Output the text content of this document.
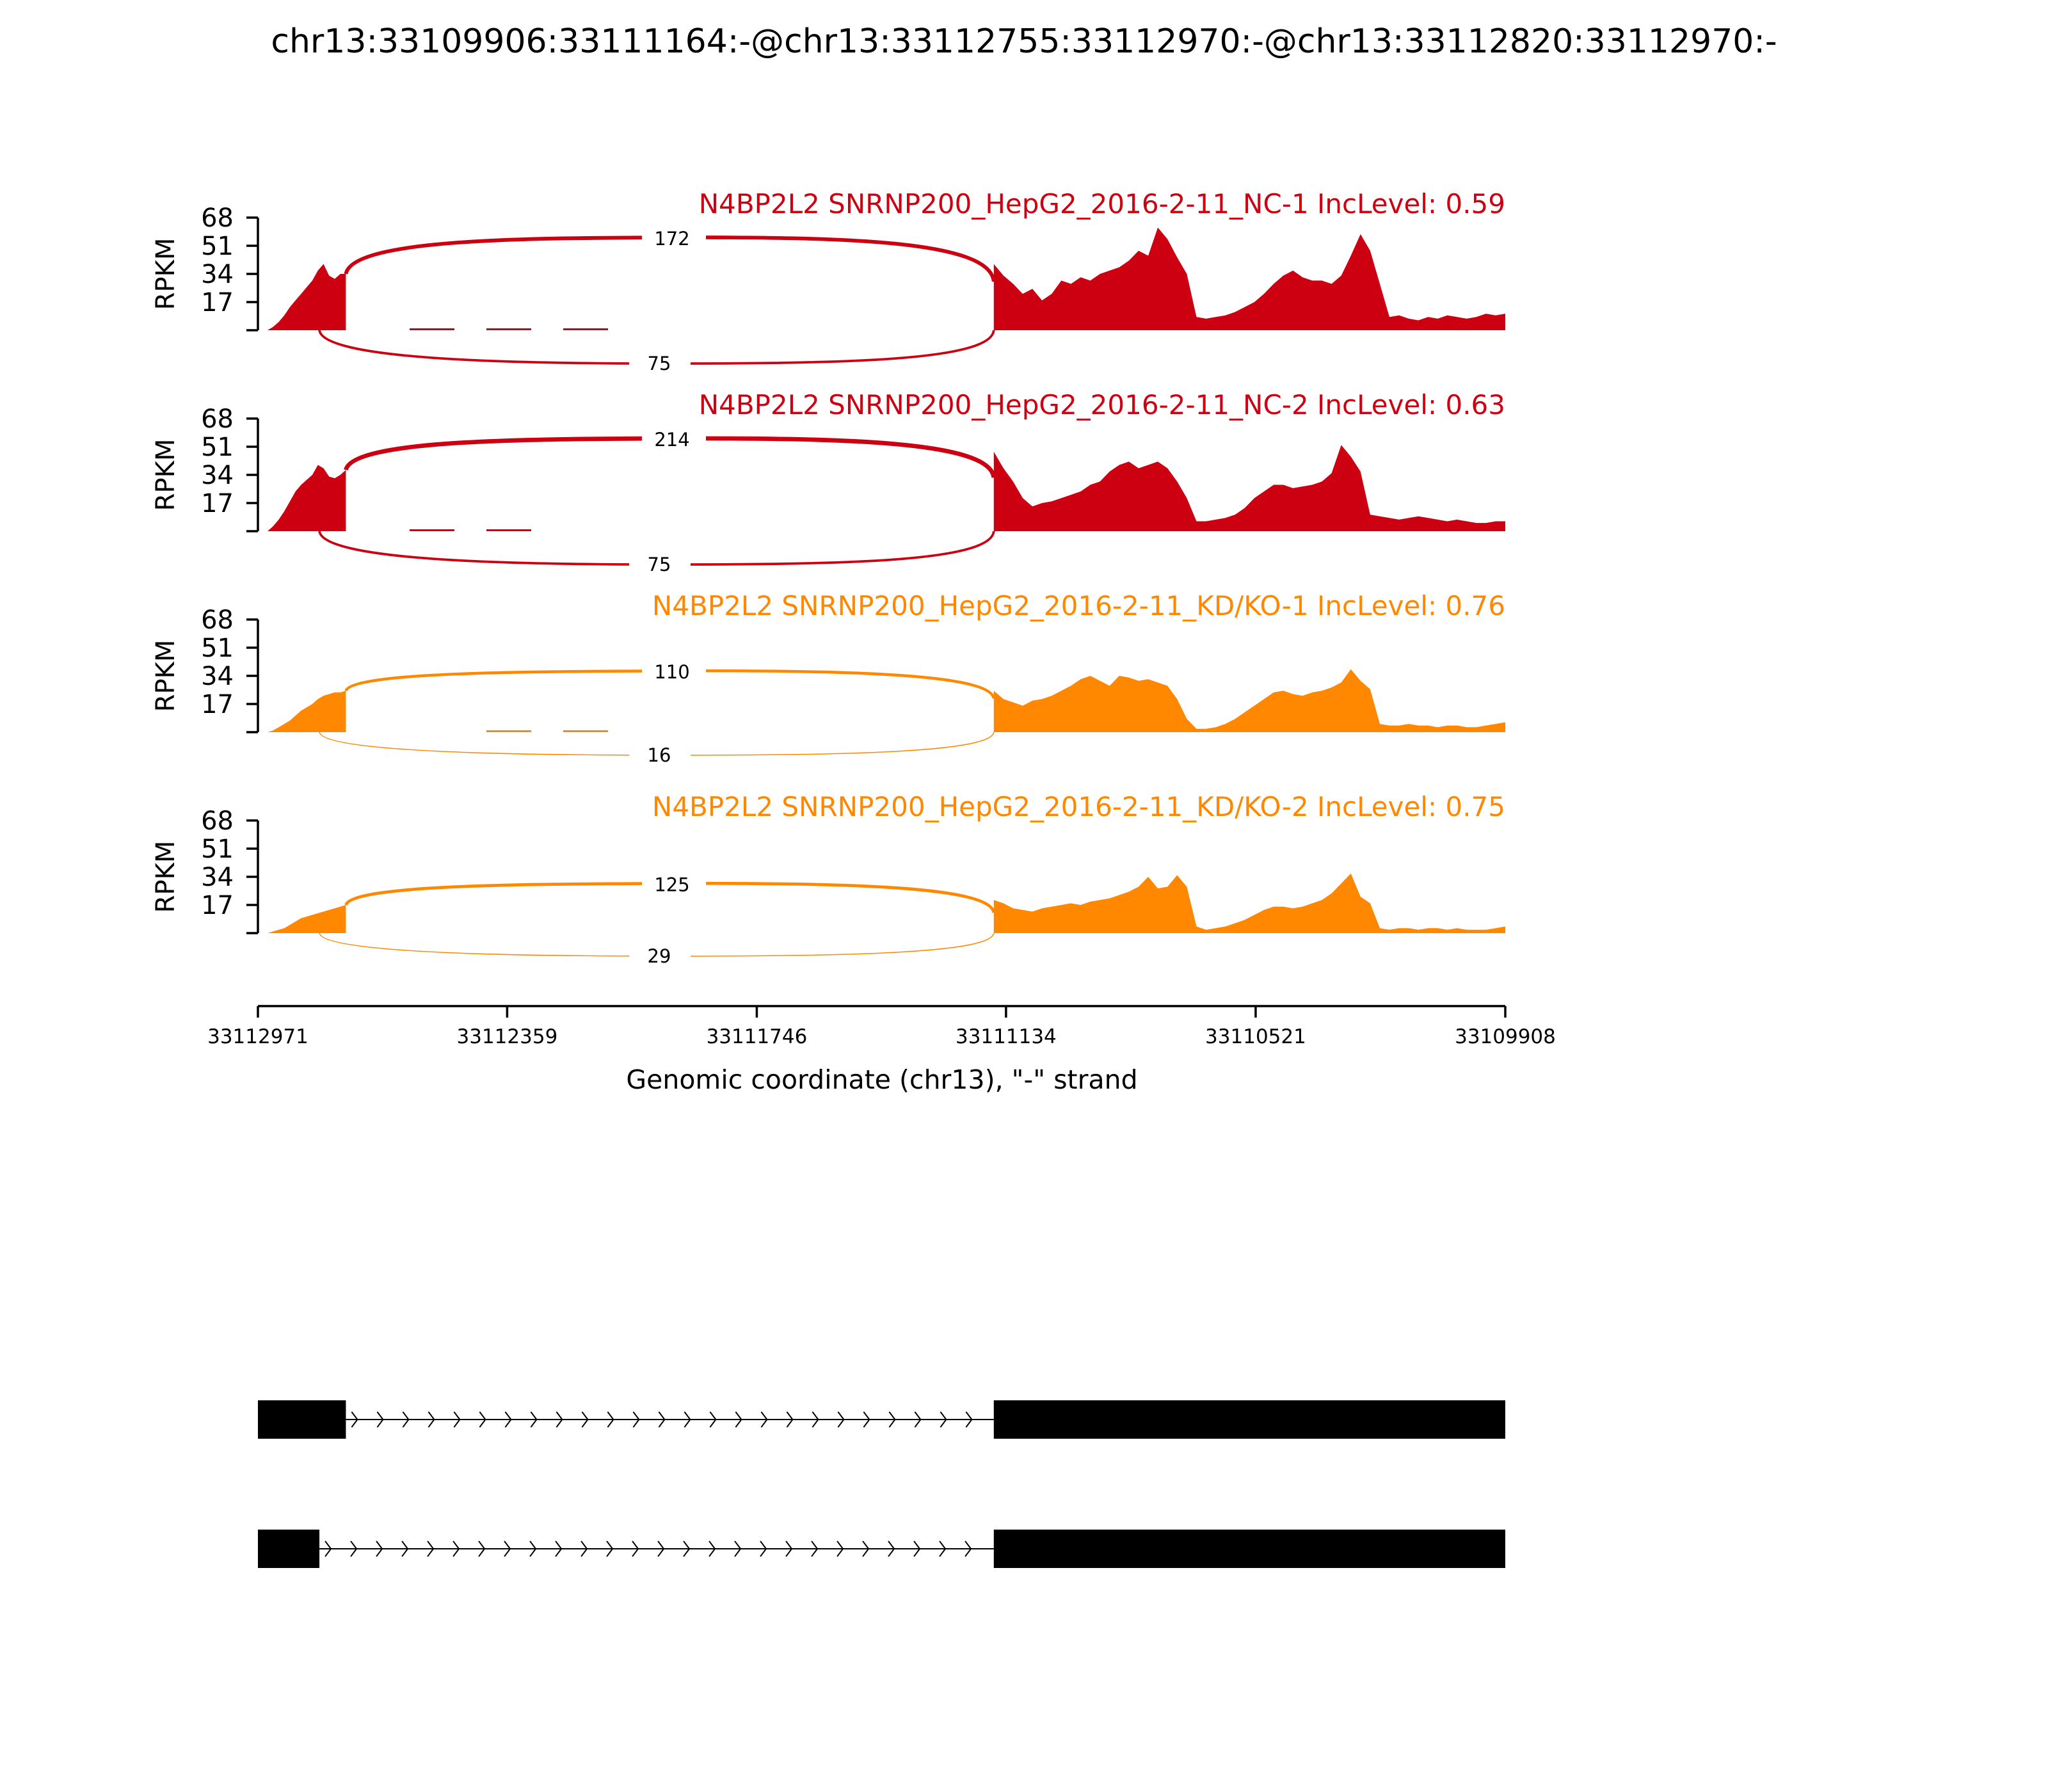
chr13:33109906:33111164:-@chr13:33112755:33112970:-@chr13:33112820:33112970:-
17
34
51
68
RPKM	172
75
N4BP2L2 SNRNP200_HepG2_2016-2-11_NC-1 IncLevel: 0.59
17
34
51
68
RPKM	214
75
N4BP2L2 SNRNP200_HepG2_2016-2-11_NC-2 IncLevel: 0.63
17
34
51
68
RPKM	110
16
N4BP2L2 SNRNP200_HepG2_2016-2-11_KD/KO-1 IncLevel: 0.76
17
34
51
68
RPKM	125
29
N4BP2L2 SNRNP200_HepG2_2016-2-11_KD/KO-2 IncLevel: 0.75
33112971	33112359	33111746	33111134	33110521	33109908
Genomic coordinate (chr13), "-" strand
